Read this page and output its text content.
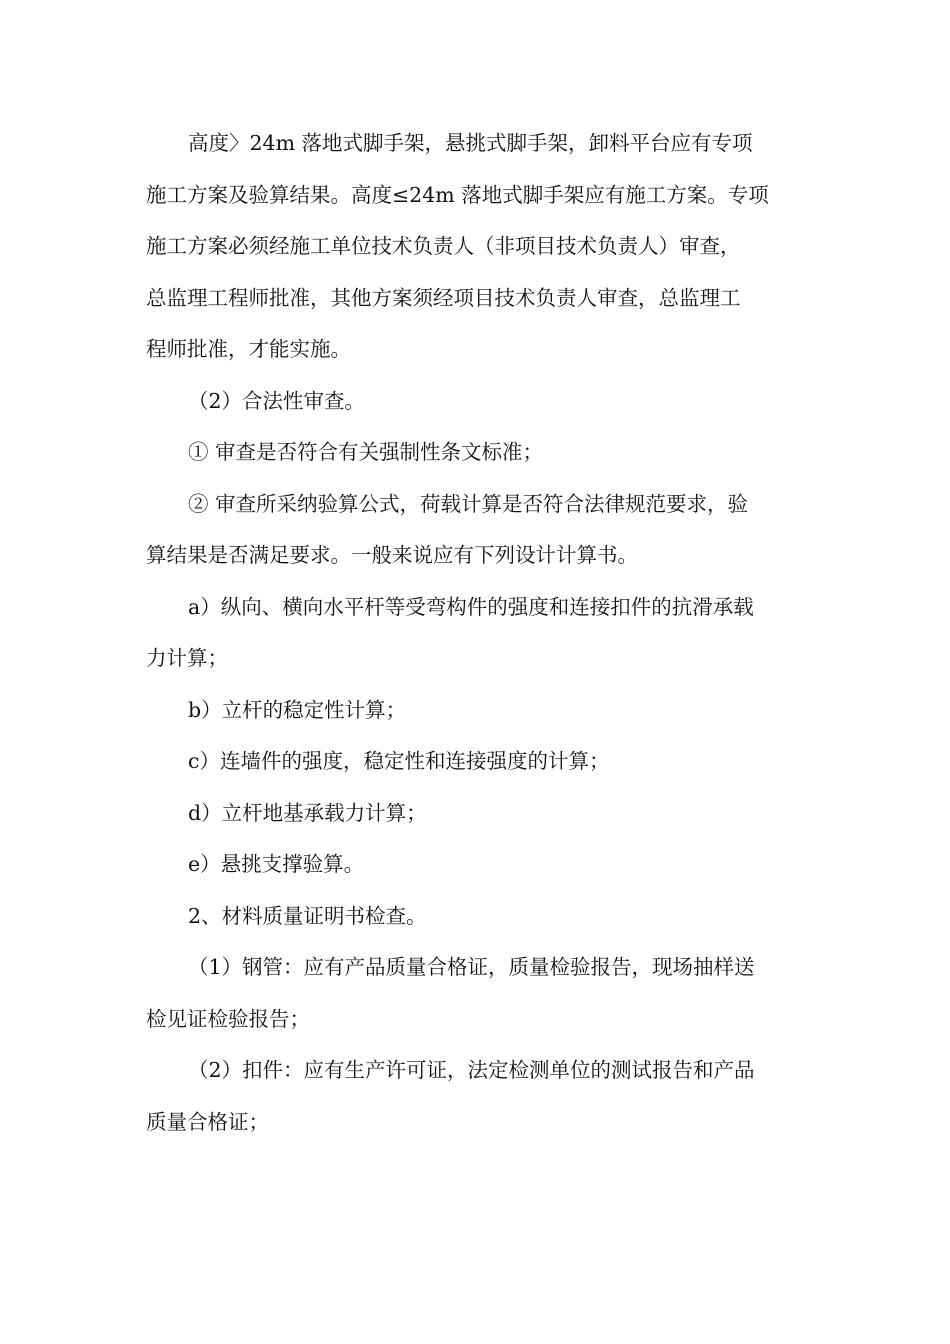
高度〉24m 落地式脚手架，悬挑式脚手架，卸料平台应有专项
施工方案及验算结果。高度≤24m 落地式脚手架应有施工方案。专项
施工方案必须经施工单位技术负责人（非项目技术负责人）审查，
总监理工程师批准，其他方案须经项目技术负责人审查，总监理工
程师批准，才能实施。
（2）合法性审查。
① 审查是否符合有关强制性条文标准；
② 审查所采纳验算公式，荷载计算是否符合法律规范要求，验
算结果是否满足要求。一般来说应有下列设计计算书。
a）纵向、横向水平杆等受弯构件的强度和连接扣件的抗滑承载
力计算；
b）立杆的稳定性计算；
c）连墙件的强度，稳定性和连接强度的计算；
d）立杆地基承载力计算；
e）悬挑支撑验算。
2、材料质量证明书检查。
（1）钢管：应有产品质量合格证，质量检验报告，现场抽样送
检见证检验报告；
（2）扣件：应有生产许可证，法定检测单位的测试报告和产品
质量合格证；
